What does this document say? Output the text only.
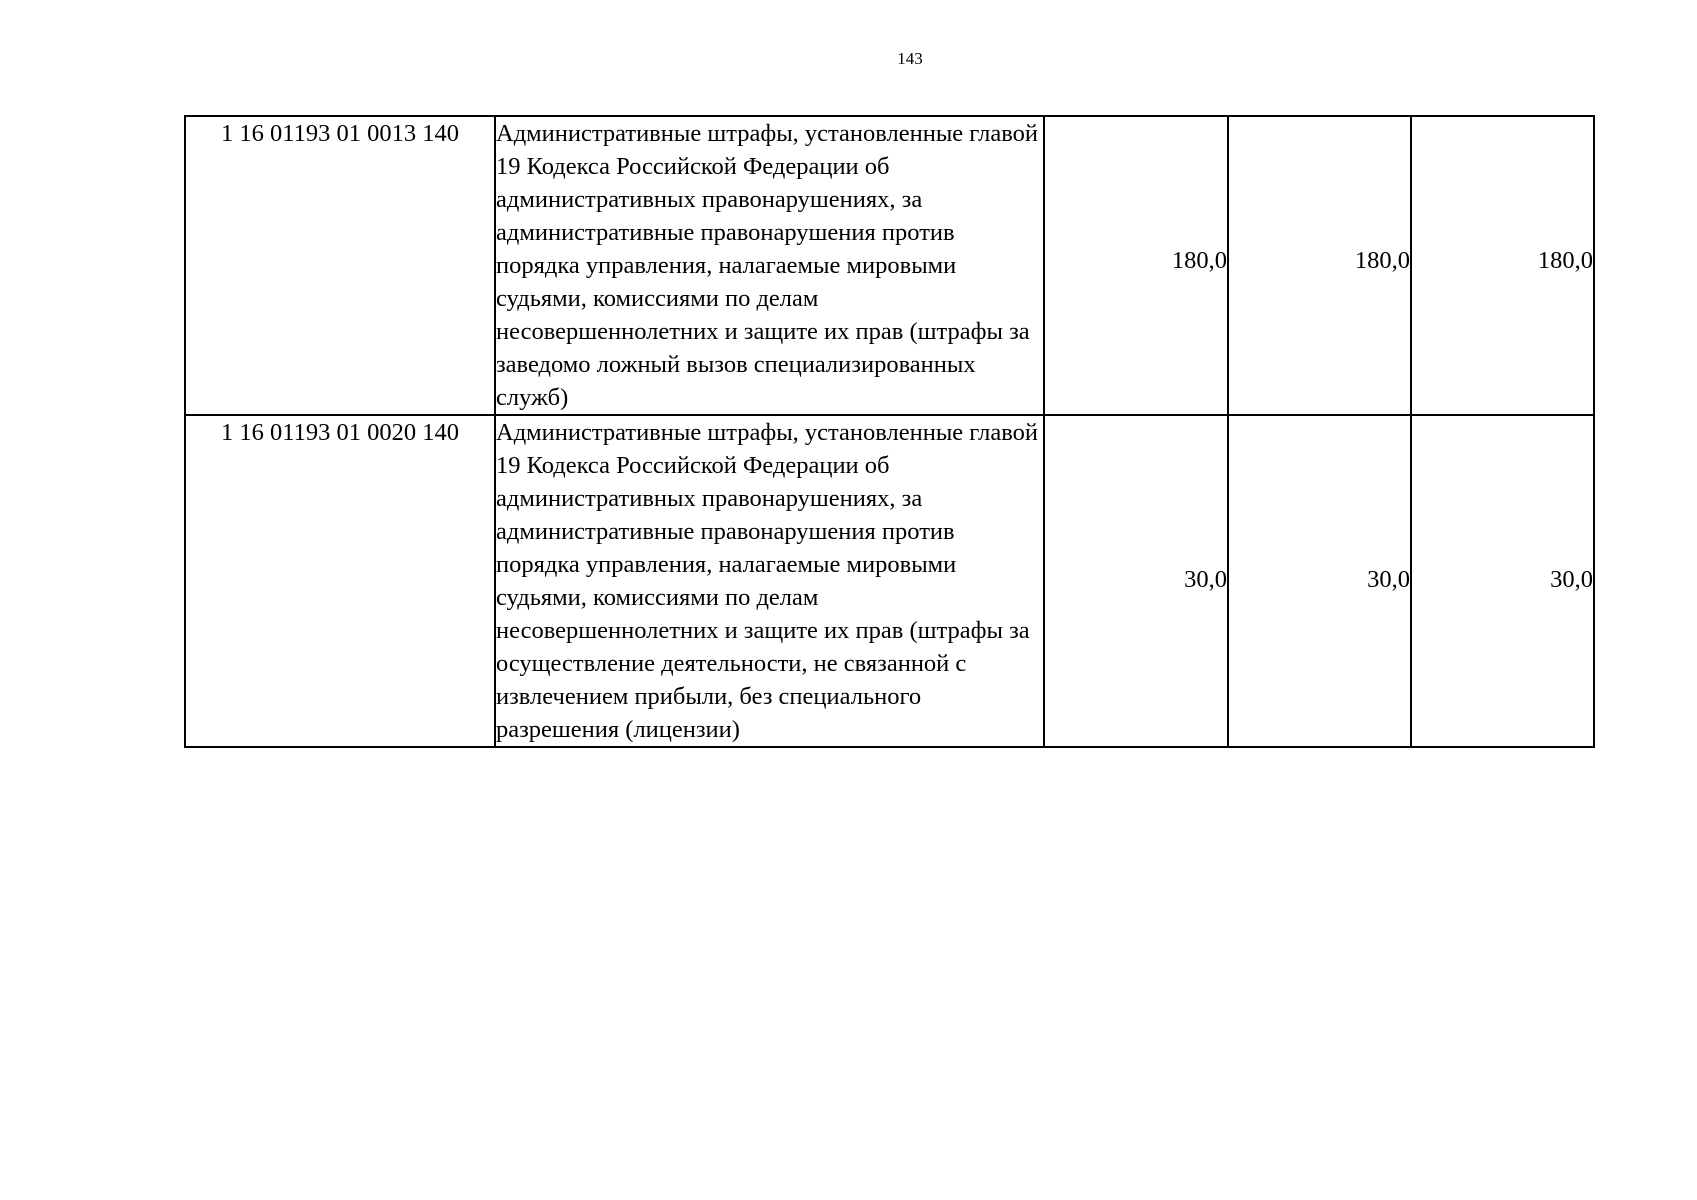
143
1 16 01193 01 0013 140	Административные штрафы, установленные главой 19 Кодекса Российской Федерации об административных правонарушениях, за административные правонарушения против порядка управления, налагаемые мировыми судьями, комиссиями по делам несовершеннолетних и защите их прав (штрафы за заведомо ложный вызов специализированных служб)	180,0	180,0	180,0
1 16 01193 01 0020 140	Административные штрафы, установленные главой 19 Кодекса Российской Федерации об административных правонарушениях, за административные правонарушения против порядка управления, налагаемые мировыми судьями, комиссиями по делам несовершеннолетних и защите их прав (штрафы за осуществление деятельности, не связанной с извлечением прибыли, без специального разрешения (лицензии)	30,0	30,0	30,0
